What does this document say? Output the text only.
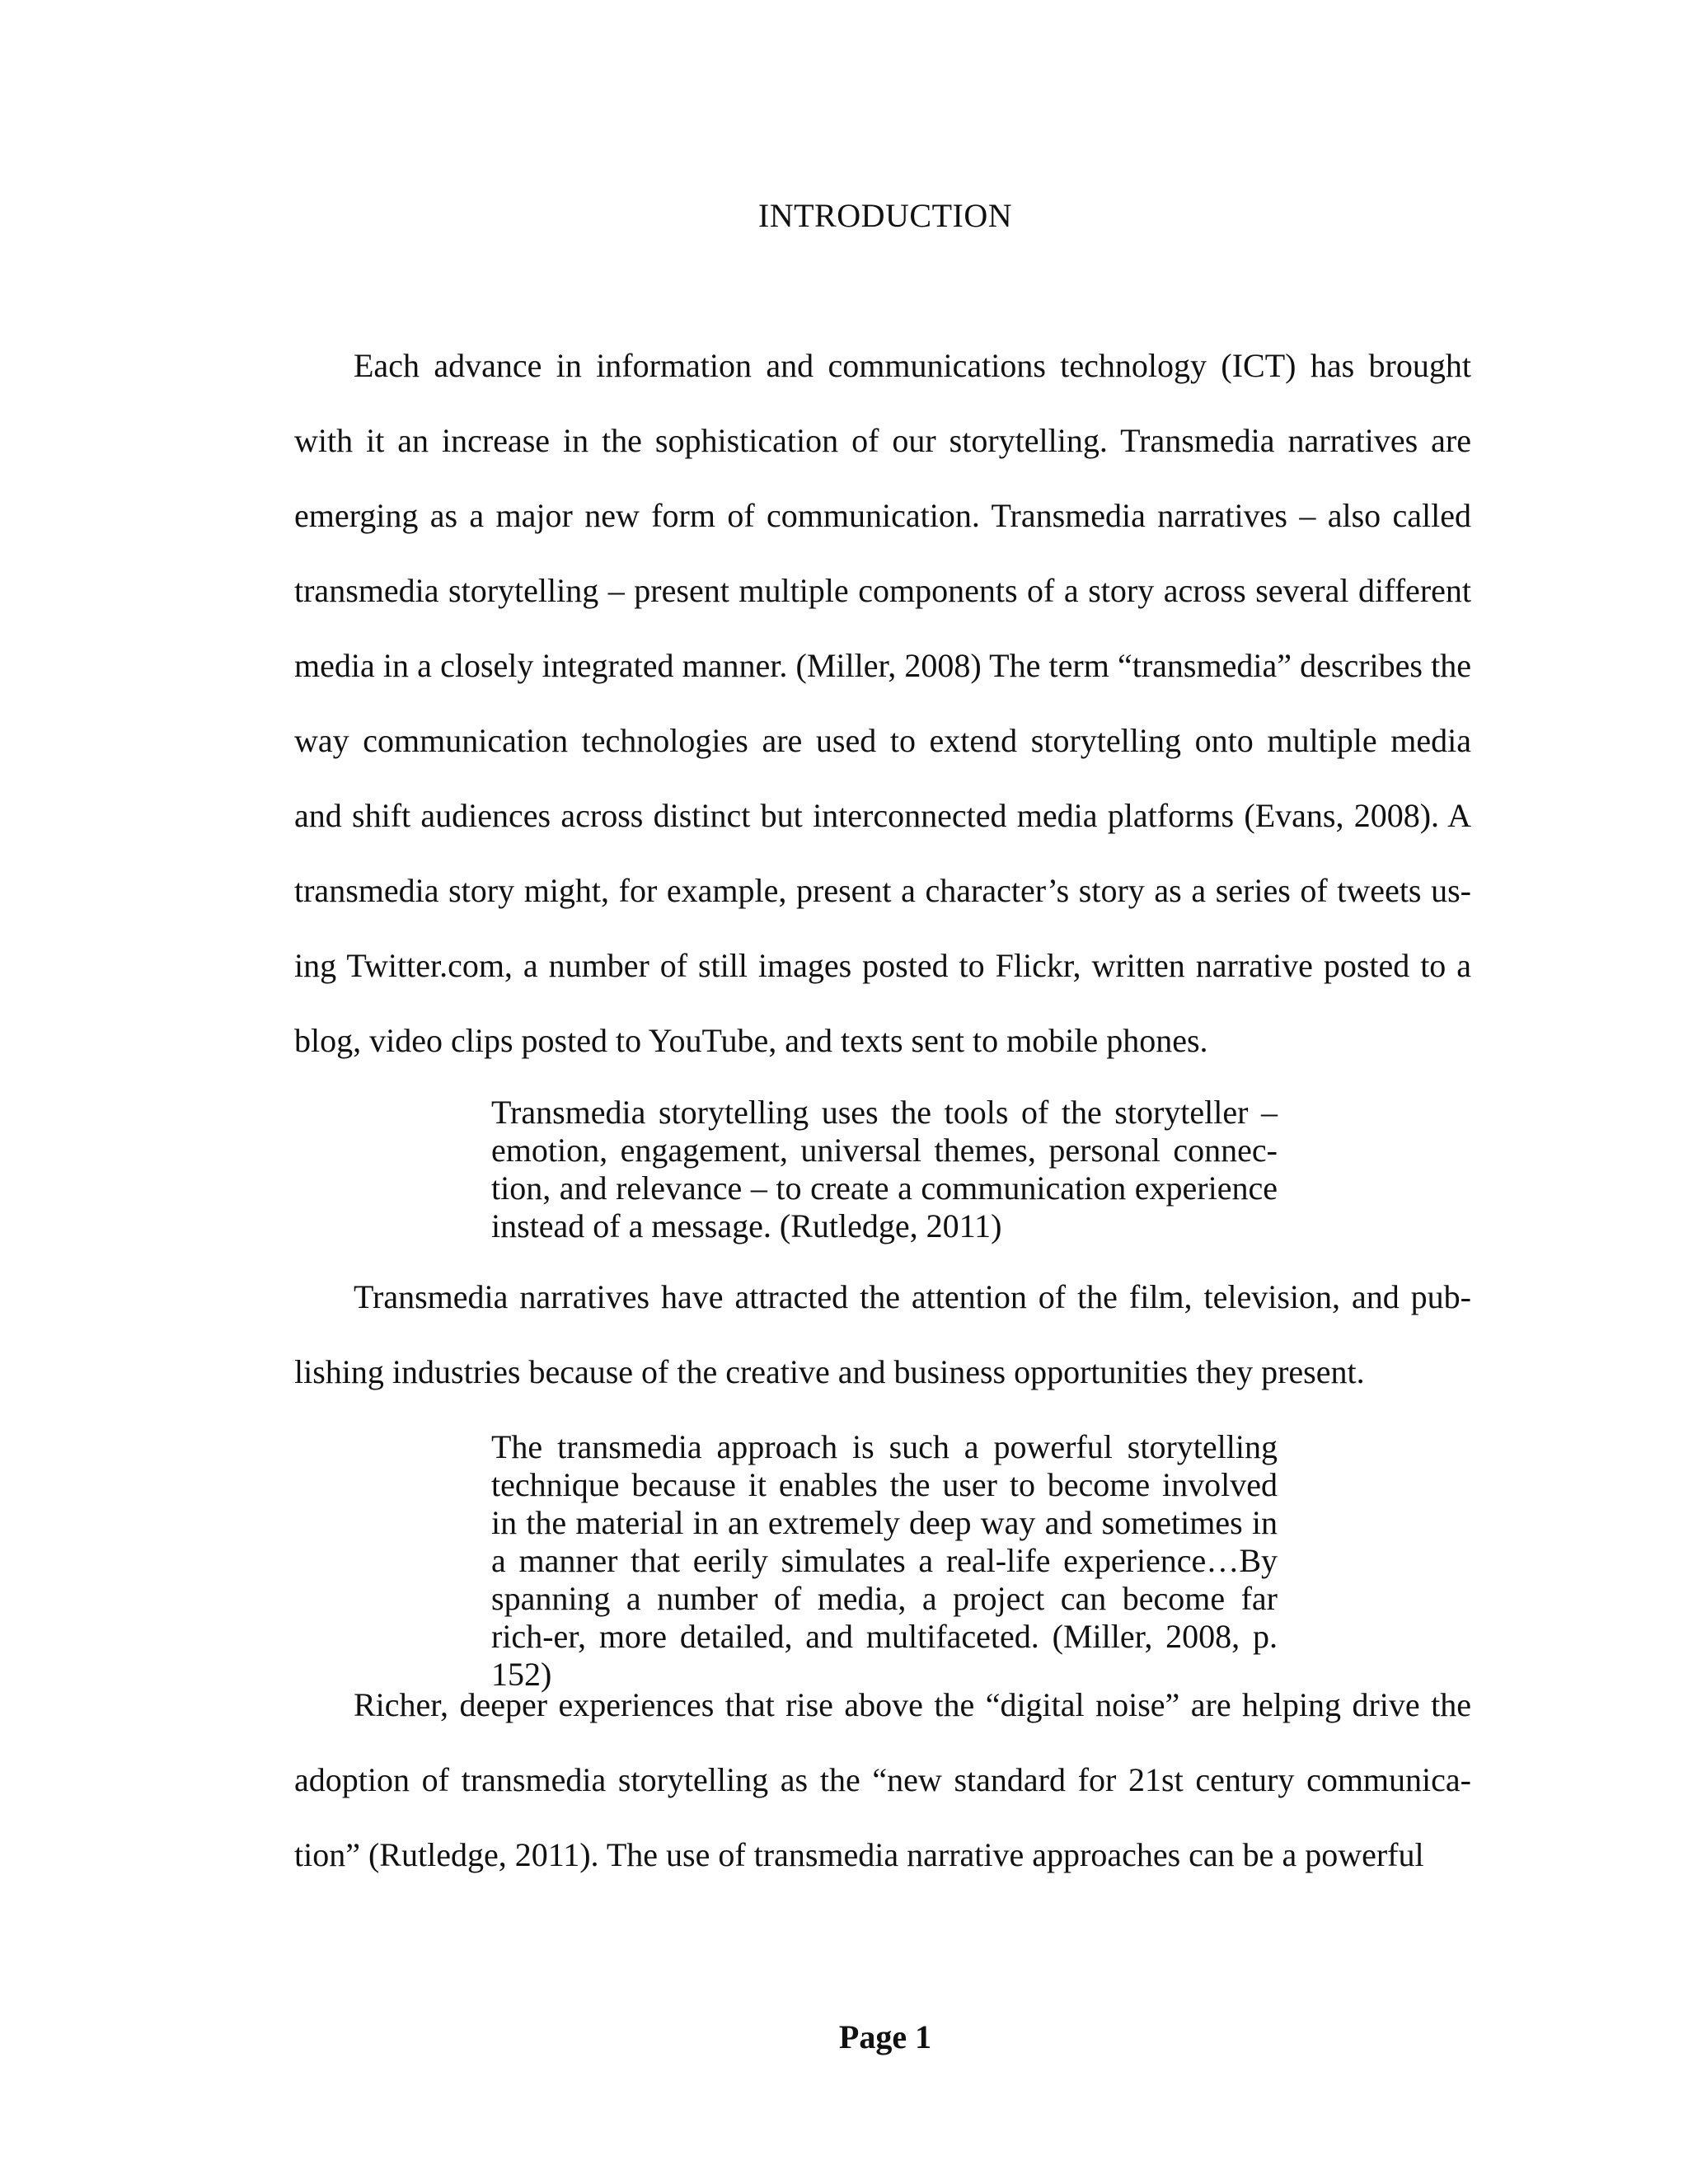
INTRODUCTION

Each advance in information and communications technology (ICT) has brought with it an increase in the sophistication of our storytelling. Transmedia narratives are emerging as a major new form of communication. Transmedia narratives – also called transmedia storytelling – present multiple components of a story across several different media in a closely integrated manner. (Miller, 2008) The term “transmedia” describes the way communication technologies are used to extend storytelling onto multiple media and shift audiences across distinct but interconnected media platforms (Evans, 2008). A transmedia story might, for example, present a character’s story as a series of tweets us-ing Twitter.com, a number of still images posted to Flickr, written narrative posted to a blog, video clips posted to YouTube, and texts sent to mobile phones.

Transmedia storytelling uses the tools of the storyteller – emotion, engagement, universal themes, personal connec-tion, and relevance – to create a communication experience instead of a message. (Rutledge, 2011)

Transmedia narratives have attracted the attention of the film, television, and pub-lishing industries because of the creative and business opportunities they present.

The transmedia approach is such a powerful storytelling technique because it enables the user to become involved in the material in an extremely deep way and sometimes in a manner that eerily simulates a real-life experience…By spanning a number of media, a project can become far rich-er, more detailed, and multifaceted. (Miller, 2008, p. 152)

Richer, deeper experiences that rise above the “digital noise” are helping drive the adoption of transmedia storytelling as the “new standard for 21st century communica-tion” (Rutledge, 2011). The use of transmedia narrative approaches can be a powerful

Page 1
